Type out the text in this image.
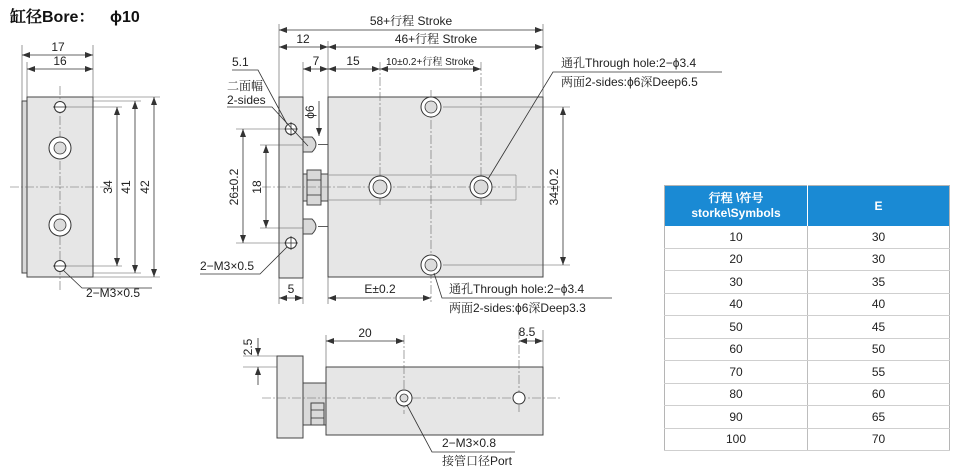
缸径Bore： ϕ10
17
16
34 41 42
2−M3×0.5
58+行程 Stroke
12	46+行程 Stroke
7 15	10±0.2+行程 Stroke
5.1
二面幅
2-sides
ϕ6
26±0.2 18
2−M3×0.5
5	E±0.2
34±0.2
通孔Through hole:2−ϕ3.4
两面2-sides:ϕ6深Deep6.5
通孔Through hole:2−ϕ3.4
两面2-sides:ϕ6深Deep3.3
20	8.5
2.5
2−M3×0.8
接管口径Port
行程 \符号
storke\Symbols	E
10	30
20	30
30	35
40	40
50	45
60	50
70	55
80	60
90	65
100	70
